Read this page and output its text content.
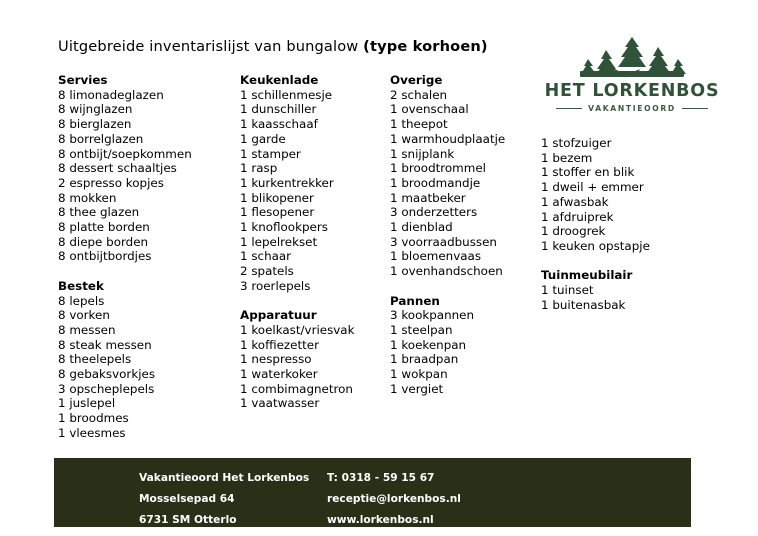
Uitgebreide inventarislijst van bungalow (type korhoen)
HET LORKENBOS
VAKANTIEOORD
Servies
8 limonadeglazen
8 wijnglazen
8 bierglazen
8 borrelglazen
8 ontbijt/soepkommen
8 dessert schaaltjes
2 espresso kopjes
8 mokken
8 thee glazen
8 platte borden
8 diepe borden
8 ontbijtbordjes
Bestek
8 lepels
8 vorken
8 messen
8 steak messen
8 theelepels
8 gebaksvorkjes
3 opscheplepels
1 juslepel
1 broodmes
1 vleesmes
Keukenlade
1 schillenmesje
1 dunschiller
1 kaasschaaf
1 garde
1 stamper
1 rasp
1 kurkentrekker
1 blikopener
1 flesopener
1 knoflookpers
1 lepelrekset
1 schaar
2 spatels
3 roerlepels
Apparatuur
1 koelkast/vriesvak
1 koffiezetter
1 nespresso
1 waterkoker
1 combimagnetron
1 vaatwasser
Overige
2 schalen
1 ovenschaal
1 theepot
1 warmhoudplaatje
1 snijplank
1 broodtrommel
1 broodmandje
1 maatbeker
3 onderzetters
1 dienblad
3 voorraadbussen
1 bloemenvaas
1 ovenhandschoen
Pannen
3 kookpannen
1 steelpan
1 koekenpan
1 braadpan
1 wokpan
1 vergiet
1 stofzuiger
1 bezem
1 stoffer en blik
1 dweil + emmer
1 afwasbak
1 afdruiprek
1 droogrek
1 keuken opstapje
Tuinmeubilair
1 tuinset
1 buitenasbak
Vakantieoord Het Lorkenbos
Mosselsepad 64
6731 SM Otterlo
T: 0318 - 59 15 67
receptie@lorkenbos.nl
www.lorkenbos.nl
